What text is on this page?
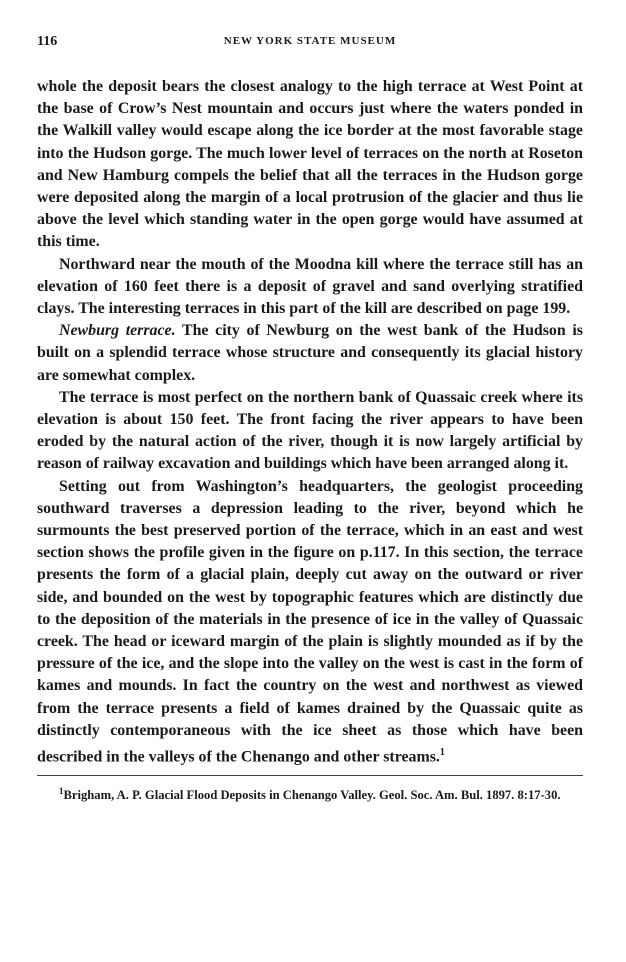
116	NEW YORK STATE MUSEUM

whole the deposit bears the closest analogy to the high terrace at West Point at the base of Crow’s Nest mountain and occurs just where the waters ponded in the Walkill valley would escape along the ice border at the most favorable stage into the Hudson gorge. The much lower level of terraces on the north at Roseton and New Hamburg compels the belief that all the terraces in the Hudson gorge were deposited along the margin of a local protrusion of the glacier and thus lie above the level which standing water in the open gorge would have assumed at this time.

Northward near the mouth of the Moodna kill where the terrace still has an elevation of 160 feet there is a deposit of gravel and sand overlying stratified clays. The interesting terraces in this part of the kill are described on page 199.

Newburg terrace. The city of Newburg on the west bank of the Hudson is built on a splendid terrace whose structure and consequently its glacial history are somewhat complex.

The terrace is most perfect on the northern bank of Quassaic creek where its elevation is about 150 feet. The front facing the river appears to have been eroded by the natural action of the river, though it is now largely artificial by reason of railway excavation and buildings which have been arranged along it.

Setting out from Washington’s headquarters, the geologist proceeding southward traverses a depression leading to the river, beyond which he surmounts the best preserved portion of the terrace, which in an east and west section shows the profile given in the figure on p.117. In this section, the terrace presents the form of a glacial plain, deeply cut away on the outward or river side, and bounded on the west by topographic features which are distinctly due to the deposition of the materials in the presence of ice in the valley of Quassaic creek. The head or iceward margin of the plain is slightly mounded as if by the pressure of the ice, and the slope into the valley on the west is cast in the form of kames and mounds. In fact the country on the west and northwest as viewed from the terrace presents a field of kames drained by the Quassaic quite as distinctly contemporaneous with the ice sheet as those which have been described in the valleys of the Chenango and other streams.$^1$

$^1$Brigham, A. P. Glacial Flood Deposits in Chenango Valley. Geol. Soc. Am. Bul. 1897. 8:17-30.
